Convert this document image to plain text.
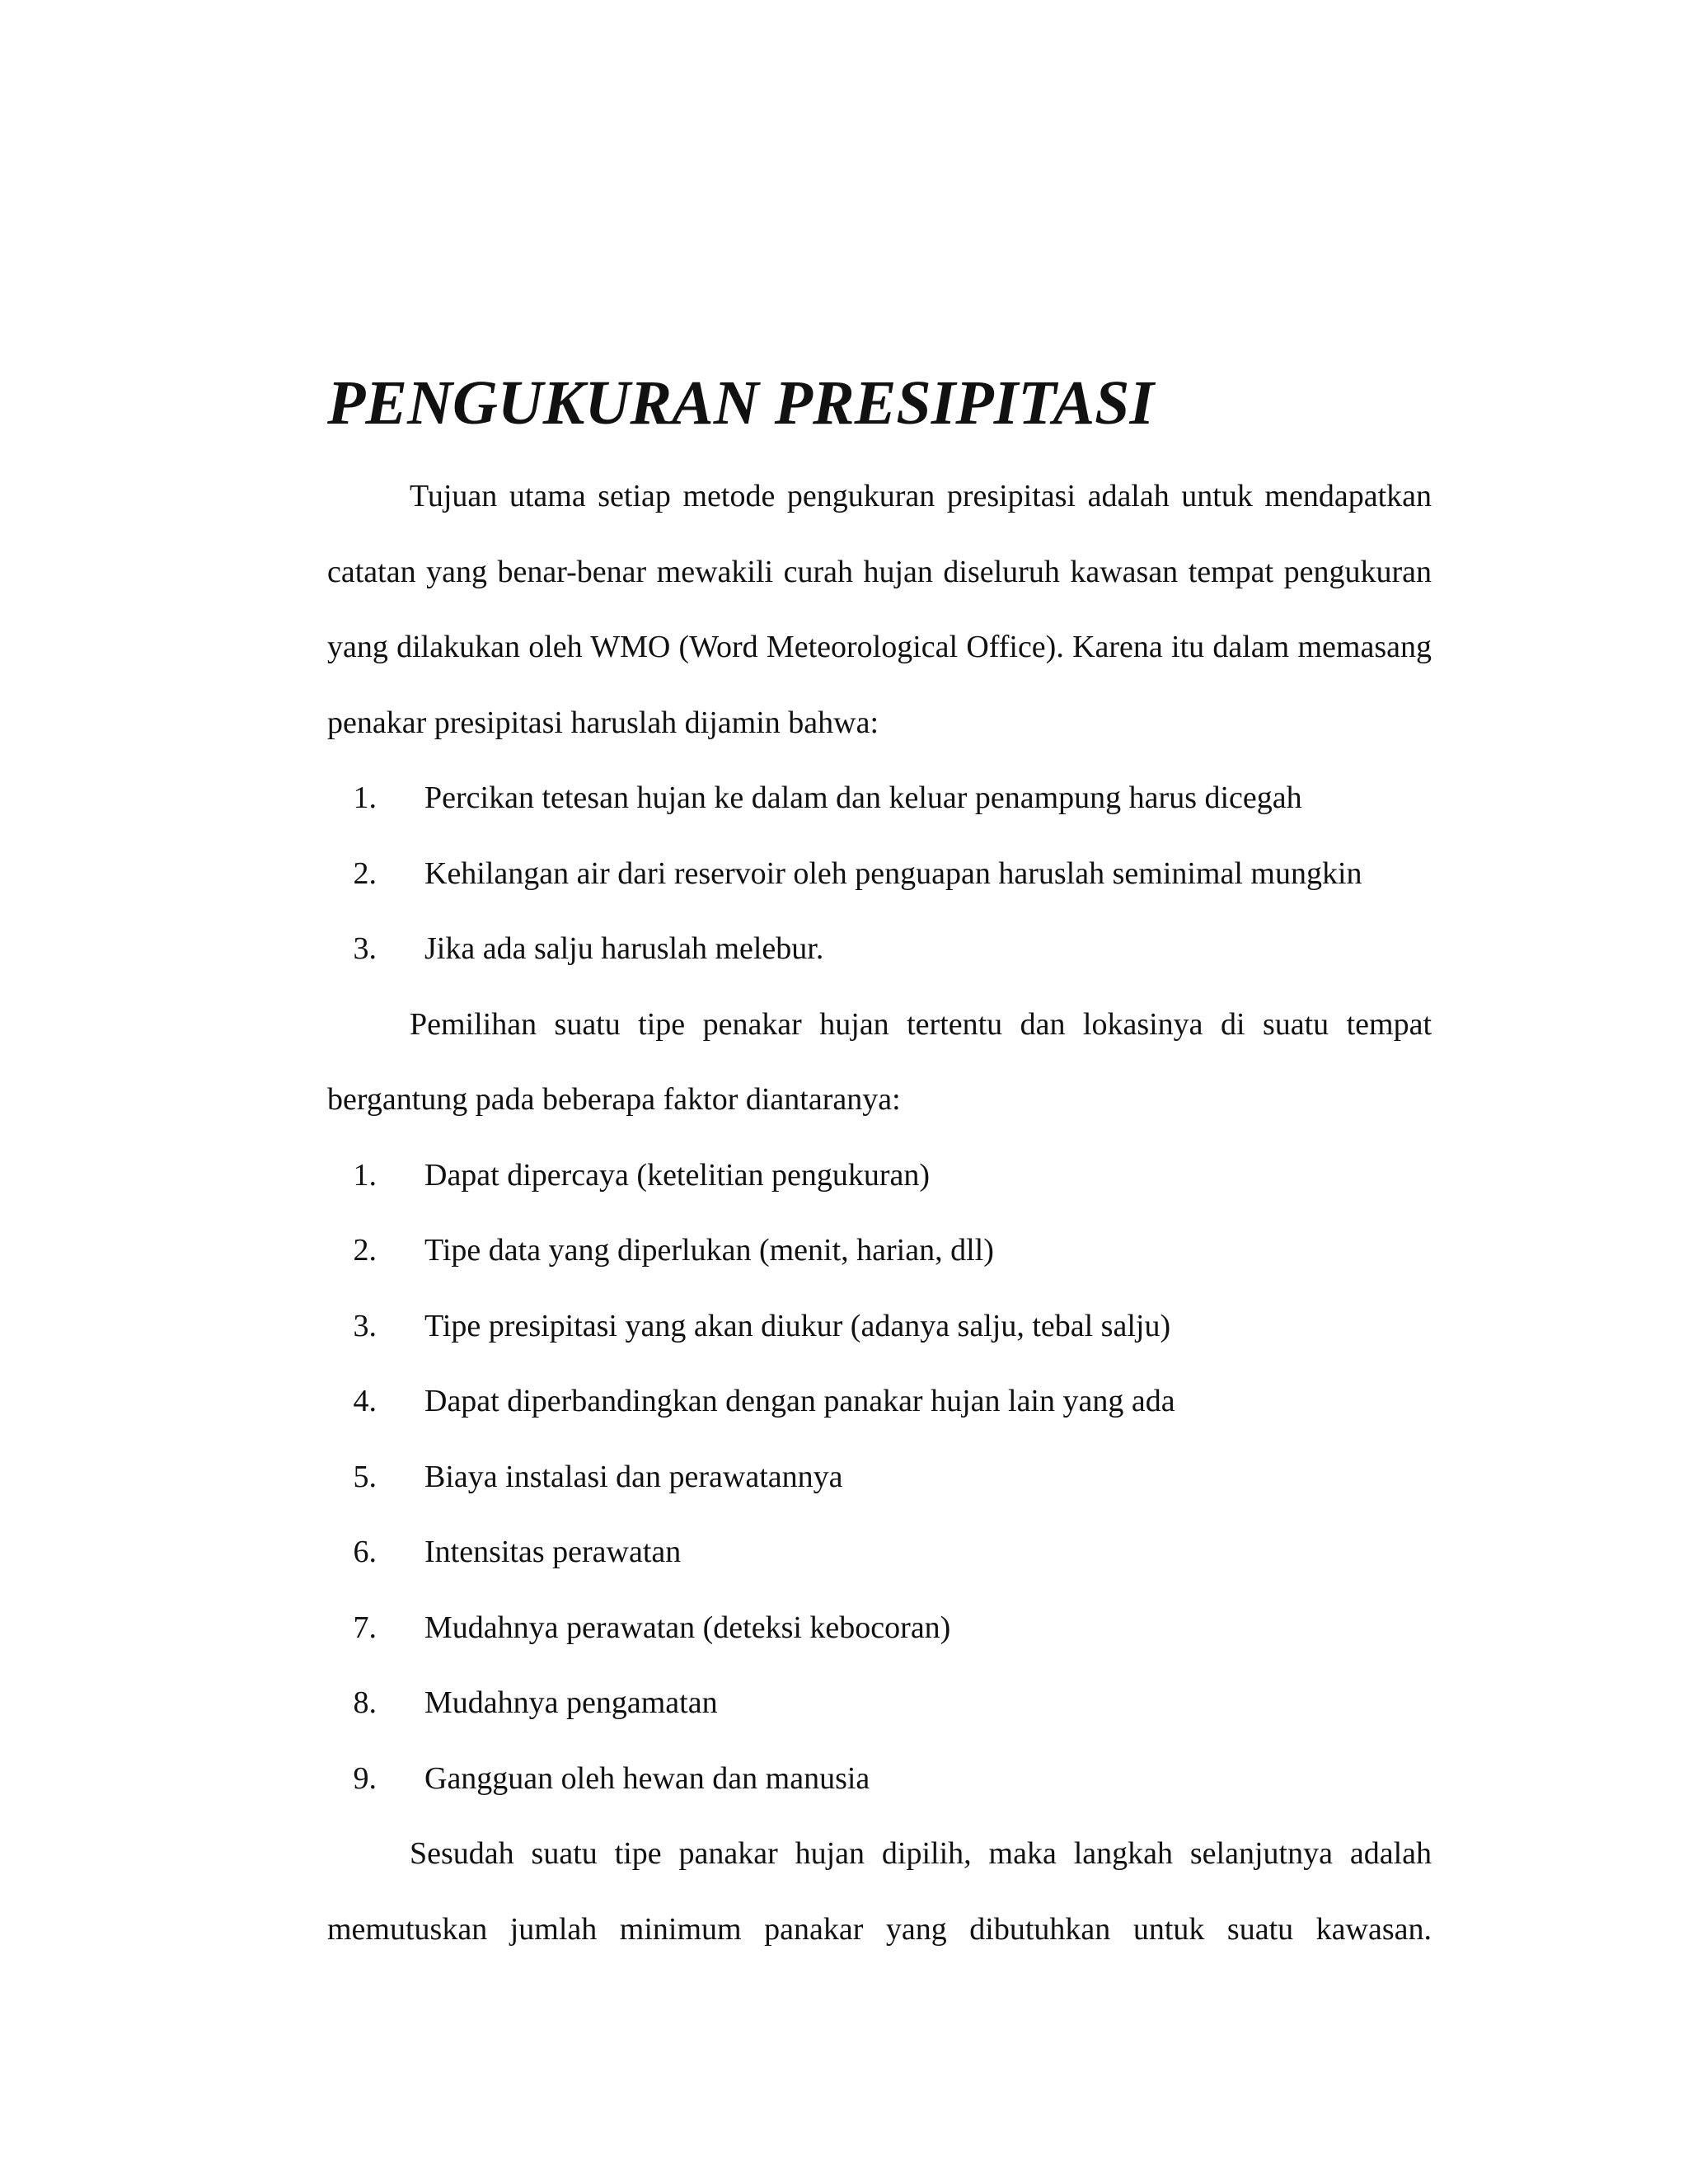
PENGUKURAN PRESIPITASI

Tujuan utama setiap metode pengukuran presipitasi adalah untuk mendapatkan catatan yang benar-benar mewakili curah hujan diseluruh kawasan tempat pengukuran yang dilakukan oleh WMO (Word Meteorological Office). Karena itu dalam memasang penakar presipitasi haruslah dijamin bahwa:

1. Percikan tetesan hujan ke dalam dan keluar penampung harus dicegah
2. Kehilangan air dari reservoir oleh penguapan haruslah seminimal mungkin
3. Jika ada salju haruslah melebur.

Pemilihan suatu tipe penakar hujan tertentu dan lokasinya di suatu tempat bergantung pada beberapa faktor diantaranya:

1. Dapat dipercaya (ketelitian pengukuran)
2. Tipe data yang diperlukan (menit, harian, dll)
3. Tipe presipitasi yang akan diukur (adanya salju, tebal salju)
4. Dapat diperbandingkan dengan panakar hujan lain yang ada
5. Biaya instalasi dan perawatannya
6. Intensitas perawatan
7. Mudahnya perawatan (deteksi kebocoran)
8. Mudahnya pengamatan
9. Gangguan oleh hewan dan manusia

Sesudah suatu tipe panakar hujan dipilih, maka langkah selanjutnya adalah memutuskan jumlah minimum panakar yang dibutuhkan untuk suatu kawasan.
